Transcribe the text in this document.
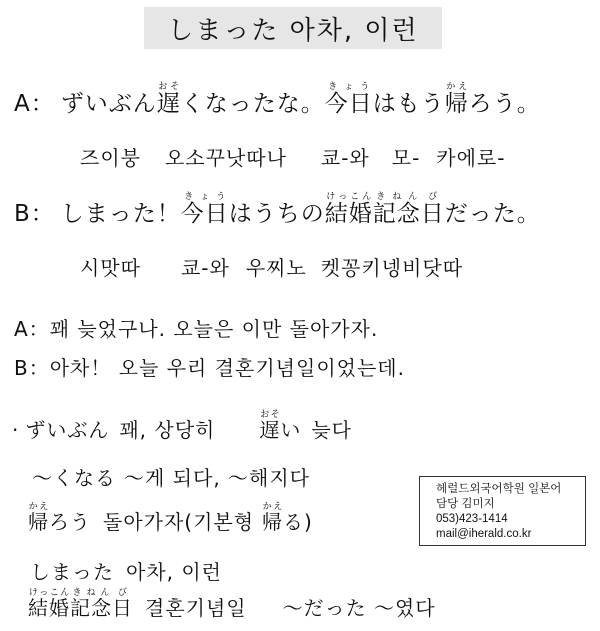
しまった 아차, 이런
A： ずいぶん遅おそくなったな。今日きょうはもう帰かえろう。
즈이붕 오소꾸낫따나 쿄-와 모- 카에로-
B： しまった！今日きょうはうちの結婚けっこん記念きねん日びだった。
시맛따 쿄-와 우찌노 켓꽁키넹비닷따
A：꽤 늦었구나. 오늘은 이만 돌아가자.
B：아차！ 오늘 우리 결혼기념일이었는데.
· ずいぶん 꽤, 상당히 遅おそい 늦다
～くなる ～게 되다, ～해지다
帰かえろう 돌아가자(기본형 帰かえる)
しまった 아차, 이런
結婚けっこん記念きねん日び결혼기념일 ～だった ～였다
헤럴드외국어학원 일본어
담당 김미지
053)423-1414
mail@iherald.co.kr
